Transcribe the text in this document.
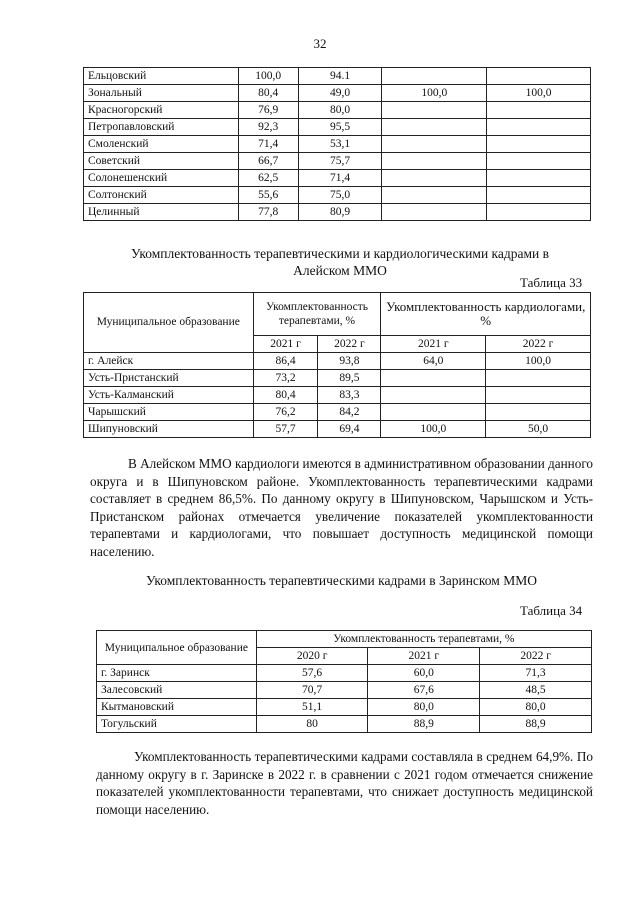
32
Ельцовский	100,0	94.1		
Зональный	80,4	49,0	100,0	100,0
Красногорский	76,9	80,0		
Петропавловский	92,3	95,5		
Смоленский	71,4	53,1		
Советский	66,7	75,7		
Солонешенский	62,5	71,4		
Солтонский	55,6	75,0		
Целинный	77,8	80,9		
Укомплектованность терапевтическими и кардиологическими кадрами в Алейском ММО
Таблица 33
Муниципальное образование	Укомплектованность терапевтами, %		Укомплектованность кардиологами, %	
	2021 г	2022 г	2021 г	2022 г
г. Алейск	86,4	93,8	64,0	100,0
Усть-Пристанский	73,2	89,5		
Усть-Калманский	80,4	83,3		
Чарышский	76,2	84,2		
Шипуновский	57,7	69,4	100,0	50,0
В Алейском ММО кардиологи имеются в административном образовании данного округа и в Шипуновском районе. Укомплектованность терапевтическими кадрами составляет в среднем 86,5%. По данному округу в Шипуновском, Чарышском и Усть-Пристанском районах отмечается увеличение показателей укомплектованности терапевтами и кардиологами, что повышает доступность медицинской помощи населению.
Укомплектованность терапевтическими кадрами в Заринском ММО
Таблица 34
Муниципальное образование	Укомплектованность терапевтами, %		
	2020 г	2021 г	2022 г
г. Заринск	57,6	60,0	71,3
Залесовский	70,7	67,6	48,5
Кытмановский	51,1	80,0	80,0
Тогульский	80	88,9	88,9
Укомплектованность терапевтическими кадрами составляла в среднем 64,9%. По данному округу в г. Заринске в 2022 г. в сравнении с 2021 годом отмечается снижение показателей укомплектованности терапевтами, что снижает доступность медицинской помощи населению.
